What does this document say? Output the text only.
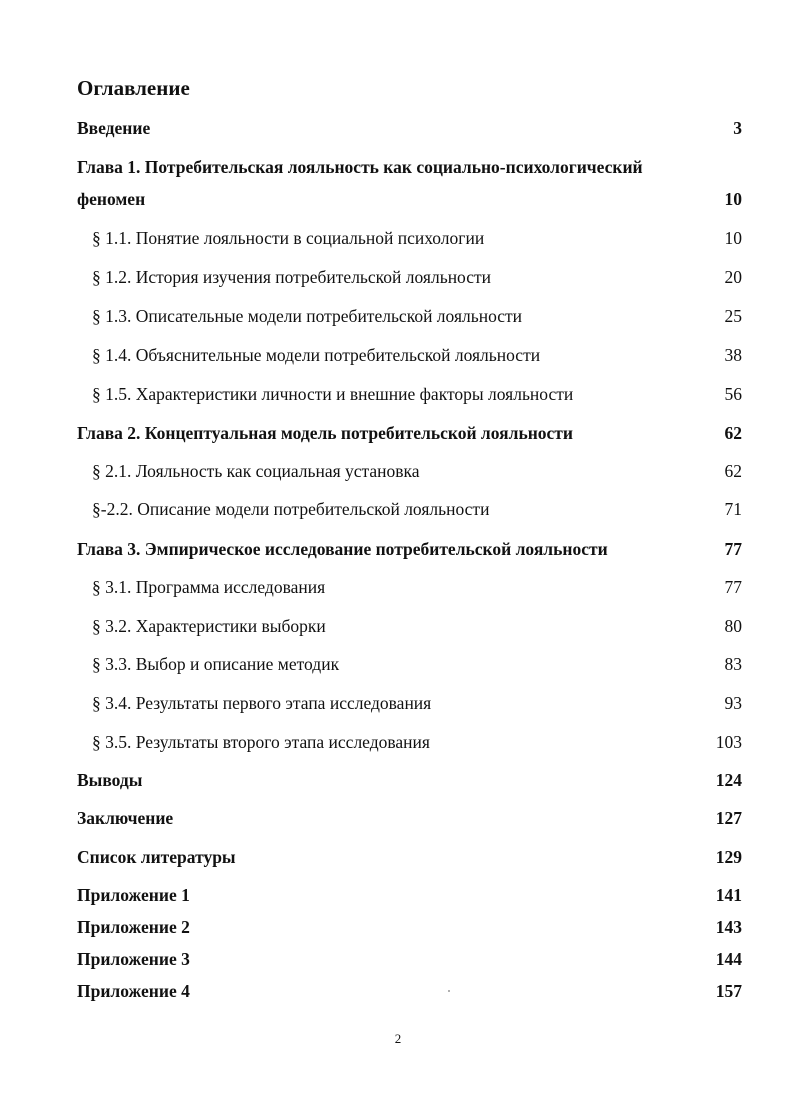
Оглавление
Введение	3
Глава 1. Потребительская лояльность как социально-психологический
феномен	10
§ 1.1. Понятие лояльности в социальной психологии	10
§ 1.2. История изучения потребительской лояльности	20
§ 1.3. Описательные модели потребительской лояльности	25
§ 1.4. Объяснительные модели потребительской лояльности	38
§ 1.5. Характеристики личности и внешние факторы лояльности	56
Глава 2. Концептуальная модель потребительской лояльности	62
§ 2.1. Лояльность как социальная установка	62
§-2.2. Описание модели потребительской лояльности	71
Глава 3. Эмпирическое исследование потребительской лояльности	77
§ 3.1. Программа исследования	77
§ 3.2. Характеристики выборки	80
§ 3.3. Выбор и описание методик	83
§ 3.4. Результаты первого этапа исследования	93
§ 3.5. Результаты второго этапа исследования	103
Выводы	124
Заключение	127
Список литературы	129
Приложение 1	141
Приложение 2	143
Приложение 3	144
Приложение 4	157
2
